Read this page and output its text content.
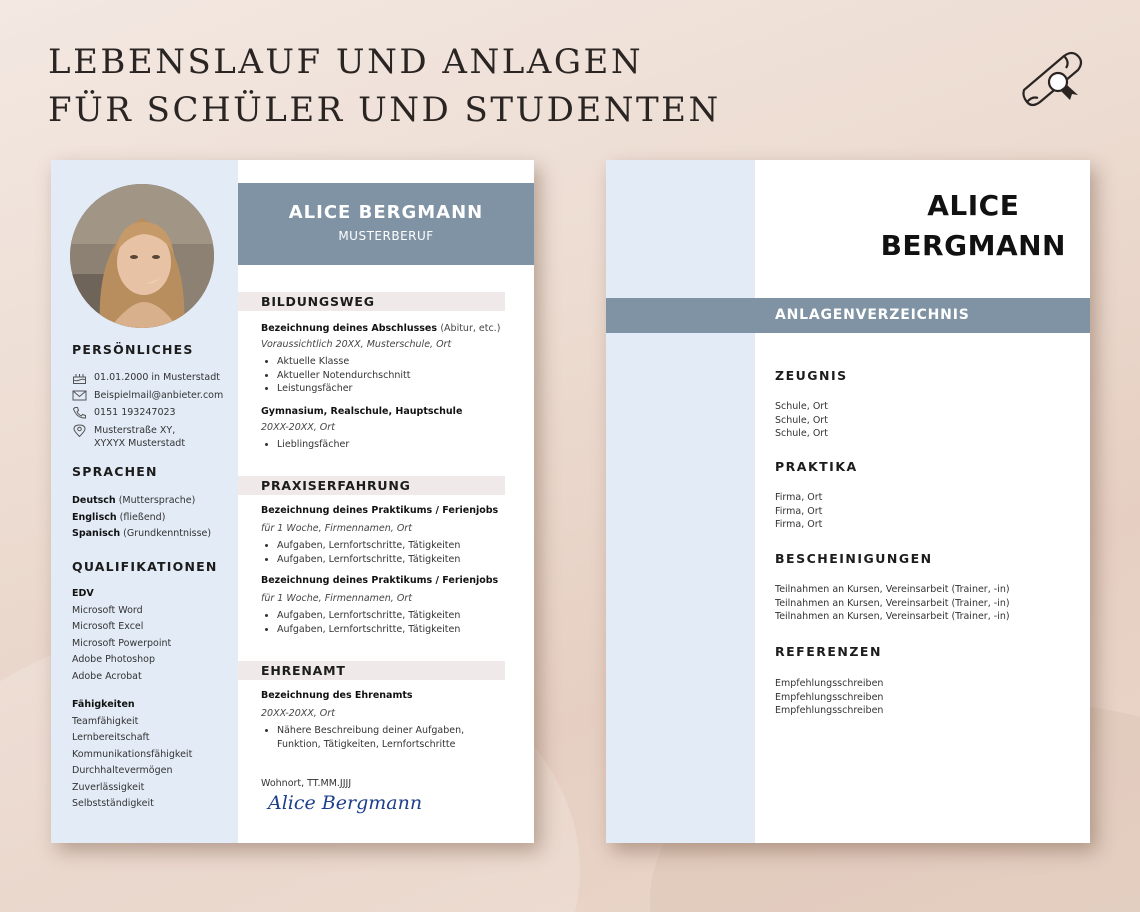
LEBENSLAUF UND ANLAGEN
FÜR SCHÜLER UND STUDENTEN
PERSÖNLICHES
01.01.2000 in Musterstadt
Beispielmail@anbieter.com
0151 193247023
Musterstraße XY,
XYXYX Musterstadt
SPRACHEN
Deutsch (Muttersprache)
Englisch (fließend)
Spanisch (Grundkenntnisse)
QUALIFIKATIONEN
EDV
Microsoft Word
Microsoft Excel
Microsoft Powerpoint
Adobe Photoshop
Adobe Acrobat
Fähigkeiten
Teamfähigkeit
Lernbereitschaft
Kommunikationsfähigkeit
Durchhaltevermögen
Zuverlässigkeit
Selbstständigkeit
ALICE BERGMANN
MUSTERBERUF
BILDUNGSWEG
Bezeichnung deines Abschlusses (Abitur, etc.)
Voraussichtlich 20XX, Musterschule, Ort
• Aktuelle Klasse
• Aktueller Notendurchschnitt
• Leistungsfächer
Gymnasium, Realschule, Hauptschule
20XX-20XX, Ort
• Lieblingsfächer
PRAXISERFAHRUNG
Bezeichnung deines Praktikums / Ferienjobs
für 1 Woche, Firmennamen, Ort
• Aufgaben, Lernfortschritte, Tätigkeiten
• Aufgaben, Lernfortschritte, Tätigkeiten
Bezeichnung deines Praktikums / Ferienjobs
für 1 Woche, Firmennamen, Ort
• Aufgaben, Lernfortschritte, Tätigkeiten
• Aufgaben, Lernfortschritte, Tätigkeiten
EHRENAMT
Bezeichnung des Ehrenamts
20XX-20XX, Ort
• Nähere Beschreibung deiner Aufgaben,
Funktion, Tätigkeiten, Lernfortschritte
Wohnort, TT.MM.JJJJ
Alice Bergmann
ALICE
BERGMANN
ANLAGENVERZEICHNIS
ZEUGNIS
Schule, Ort
Schule, Ort
Schule, Ort
PRAKTIKA
Firma, Ort
Firma, Ort
Firma, Ort
BESCHEINIGUNGEN
Teilnahmen an Kursen, Vereinsarbeit (Trainer, -in)
Teilnahmen an Kursen, Vereinsarbeit (Trainer, -in)
Teilnahmen an Kursen, Vereinsarbeit (Trainer, -in)
REFERENZEN
Empfehlungsschreiben
Empfehlungsschreiben
Empfehlungsschreiben
